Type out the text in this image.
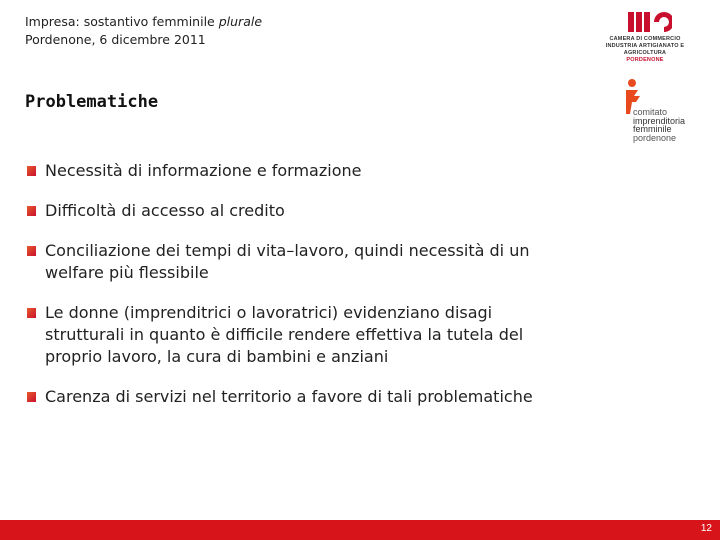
Impresa: sostantivo femminile plurale
Pordenone, 6 dicembre 2011	CAMERA DI COMMERCIO
INDUSTRIA ARTIGIANATO E AGRICOLTURA
PORDENONE
comitato
imprenditoria
femminile
pordenone
Problematiche
Necessità di informazione e formazione
Difficoltà di accesso al credito
Conciliazione dei tempi di vita–lavoro, quindi necessità di un
welfare più flessibile
Le donne (imprenditrici o lavoratrici) evidenziano disagi
strutturali in quanto è difficile rendere effettiva la tutela del
proprio lavoro, la cura di bambini e anziani
Carenza di servizi nel territorio a favore di tali problematiche
12
